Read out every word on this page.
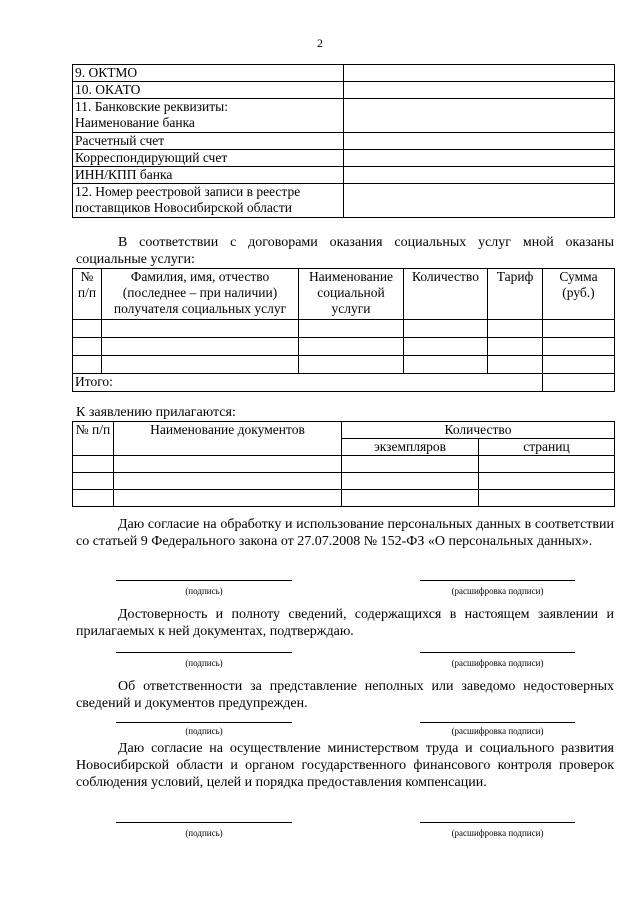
2
9. ОКТМО	
10. ОКАТО	

11. Банковские реквизиты:
Наименование банка	

Расчетный счет	
Корреспондирующий счет	
ИНН/КПП банка	

12. Номер реестровой записи в реестре
поставщиков Новосибирской области	

В соответствии с договорами оказания социальных услуг мной оказаны социальные услуги:

№ п/п	Фамилия, имя, отчество (последнее – при наличии) получателя социальных услуг	Наименование социальной услуги	Количество	Тариф	Сумма (руб.)

Итого:					

К заявлению прилагаются:

№ п/п	Наименование документов	Количество	
		экземпляров	страниц

Даю согласие на обработку и использование персональных данных в соответствии со статьей 9 Федерального закона от 27.07.2008 № 152-ФЗ «О персональных данных».

(подпись)	(расшифровка подписи)

Достоверность и полноту сведений, содержащихся в настоящем заявлении и прилагаемых к ней документах, подтверждаю.

(подпись)	(расшифровка подписи)

Об ответственности за представление неполных или заведомо недостоверных сведений и документов предупрежден.

(подпись)	(расшифровка подписи)

Даю согласие на осуществление министерством труда и социального развития Новосибирской области и органом государственного финансового контроля проверок соблюдения условий, целей и порядка предоставления компенсации.

(подпись)	(расшифровка подписи)
